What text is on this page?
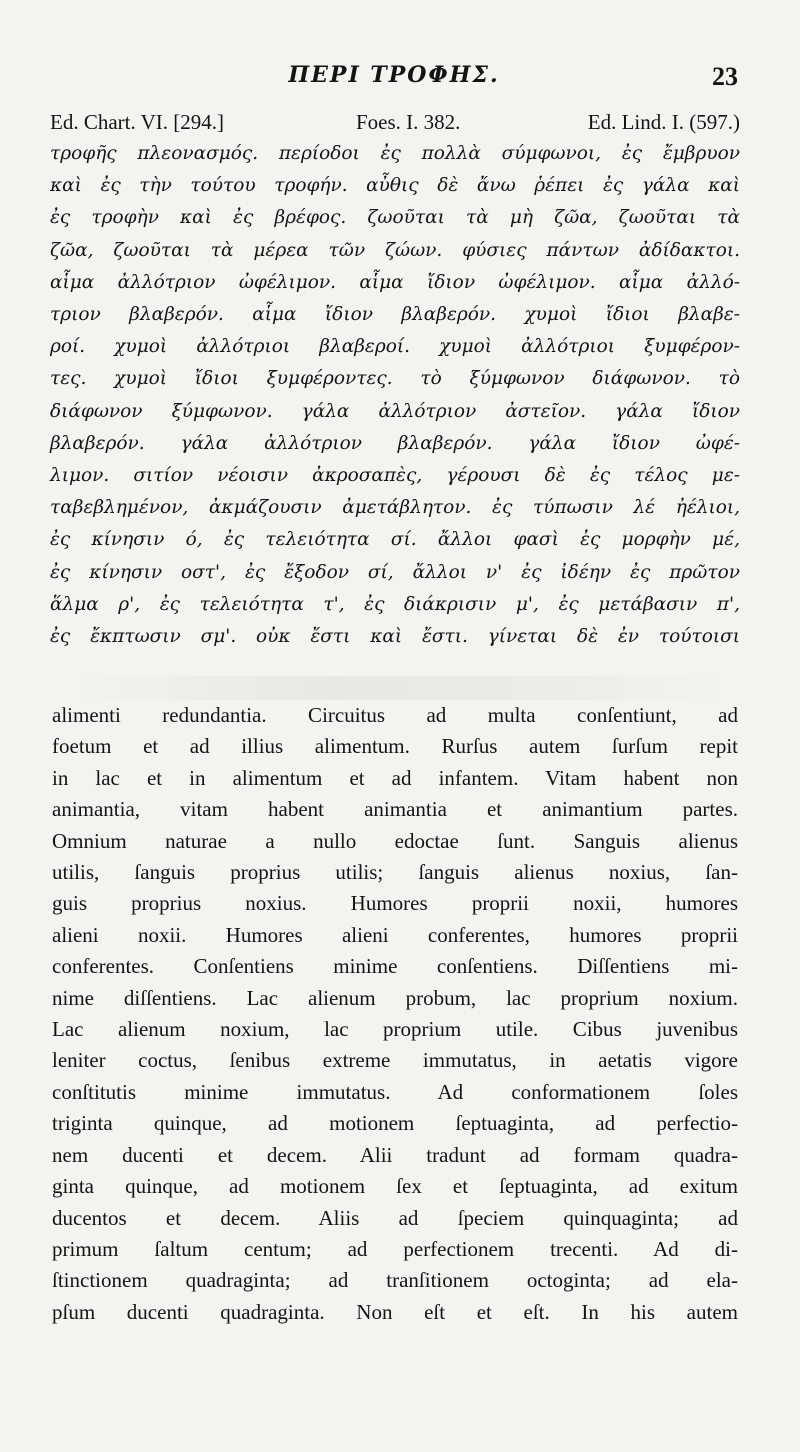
ΠΕΡΙ ΤΡΟΦΗΣ.	23
Ed. Chart. VI. [294.]	Foes. I. 382.	Ed. Lind. I. (597.)
τροφῆς πλεονασμός. περίοδοι ἐς πολλὰ σύμφωνοι, ἐς ἔμβρυον
καὶ ἐς τὴν τούτου τροφήν. αὖθις δὲ ἄνω ῥέπει ἐς γάλα καὶ
ἐς τροφὴν καὶ ἐς βρέφος. ζωοῦται τὰ μὴ ζῶα, ζωοῦται τὰ
ζῶα, ζωοῦται τὰ μέρεα τῶν ζώων. φύσιες πάντων ἀδίδακτοι.
αἷμα ἀλλότριον ὠφέλιμον. αἷμα ἴδιον ὠφέλιμον. αἷμα ἀλλό-
τριον βλαβερόν. αἷμα ἴδιον βλαβερόν. χυμοὶ ἴδιοι βλαβε-
ροί. χυμοὶ ἀλλότριοι βλαβεροί. χυμοὶ ἀλλότριοι ξυμφέρον-
τες. χυμοὶ ἴδιοι ξυμφέροντες. τὸ ξύμφωνον διάφωνον. τὸ
διάφωνον ξύμφωνον. γάλα ἀλλότριον ἀστεῖον. γάλα ἴδιον
βλαβερόν. γάλα ἀλλότριον βλαβερόν. γάλα ἴδιον ὠφέ-
λιμον. σιτίον νέοισιν ἀκροσαπὲς, γέρουσι δὲ ἐς τέλος με-
ταβεβλημένον, ἀκμάζουσιν ἀμετάβλητον. ἐς τύπωσιν λέ ἠέλιοι,
ἐς κίνησιν ό, ἐς τελειότητα σί. ἄλλοι φασὶ ἐς μορφὴν μέ,
ἐς κίνησιν οστ', ἐς ἔξοδον σί, ἄλλοι ν' ἐς ἰδέην ἐς πρῶτον
ἅλμα ρ', ἐς τελειότητα τ', ἐς διάκρισιν μ', ἐς μετάβασιν π',
ἐς ἔκπτωσιν σμ'. οὐκ ἔστι καὶ ἔστι. γίνεται δὲ ἐν τούτοισι
alimenti redundantia. Circuitus ad multa conſentiunt, ad
foetum et ad illius alimentum. Rurſus autem ſurſum repit
in lac et in alimentum et ad infantem. Vitam habent non
animantia, vitam habent animantia et animantium partes.
Omnium naturae a nullo edoctae ſunt. Sanguis alienus
utilis, ſanguis proprius utilis; ſanguis alienus noxius, ſan-
guis proprius noxius. Humores proprii noxii, humores
alieni noxii. Humores alieni conferentes, humores proprii
conferentes. Conſentiens minime conſentiens. Diſſentiens mi-
nime diſſentiens. Lac alienum probum, lac proprium noxium.
Lac alienum noxium, lac proprium utile. Cibus juvenibus
leniter coctus, ſenibus extreme immutatus, in aetatis vigore
conſtitutis minime immutatus. Ad conformationem ſoles
triginta quinque, ad motionem ſeptuaginta, ad perfectio-
nem ducenti et decem. Alii tradunt ad formam quadra-
ginta quinque, ad motionem ſex et ſeptuaginta, ad exitum
ducentos et decem. Aliis ad ſpeciem quinquaginta; ad
primum ſaltum centum; ad perfectionem trecenti. Ad di-
ſtinctionem quadraginta; ad tranſitionem octoginta; ad ela-
pſum ducenti quadraginta. Non eſt et eſt. In his autem
